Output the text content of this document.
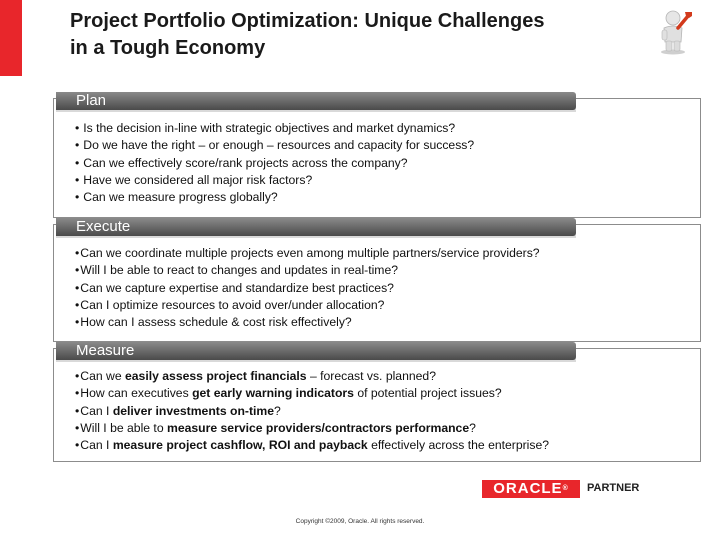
Project Portfolio Optimization: Unique Challenges
in a Tough Economy
Plan
• Is the decision in-line with strategic objectives and market dynamics?
• Do we have the right – or enough – resources and capacity for success?
• Can we effectively score/rank projects across the company?
• Have we considered all major risk factors?
• Can we measure progress globally?
Execute
•Can we coordinate multiple projects even among multiple partners/service providers?
•Will I be able to react to changes and updates in real-time?
•Can we capture expertise and standardize best practices?
•Can I optimize resources to avoid over/under allocation?
•How can I assess schedule & cost risk effectively?
Measure
•Can we easily assess project financials – forecast vs. planned?
•How can executives get early warning indicators of potential project issues?
•Can I deliver investments on-time?
•Will I be able to measure service providers/contractors performance?
•Can I measure project cashflow, ROI and payback effectively across the enterprise?
ORACLE®	PARTNER
Copyright ©2009, Oracle. All rights reserved.
